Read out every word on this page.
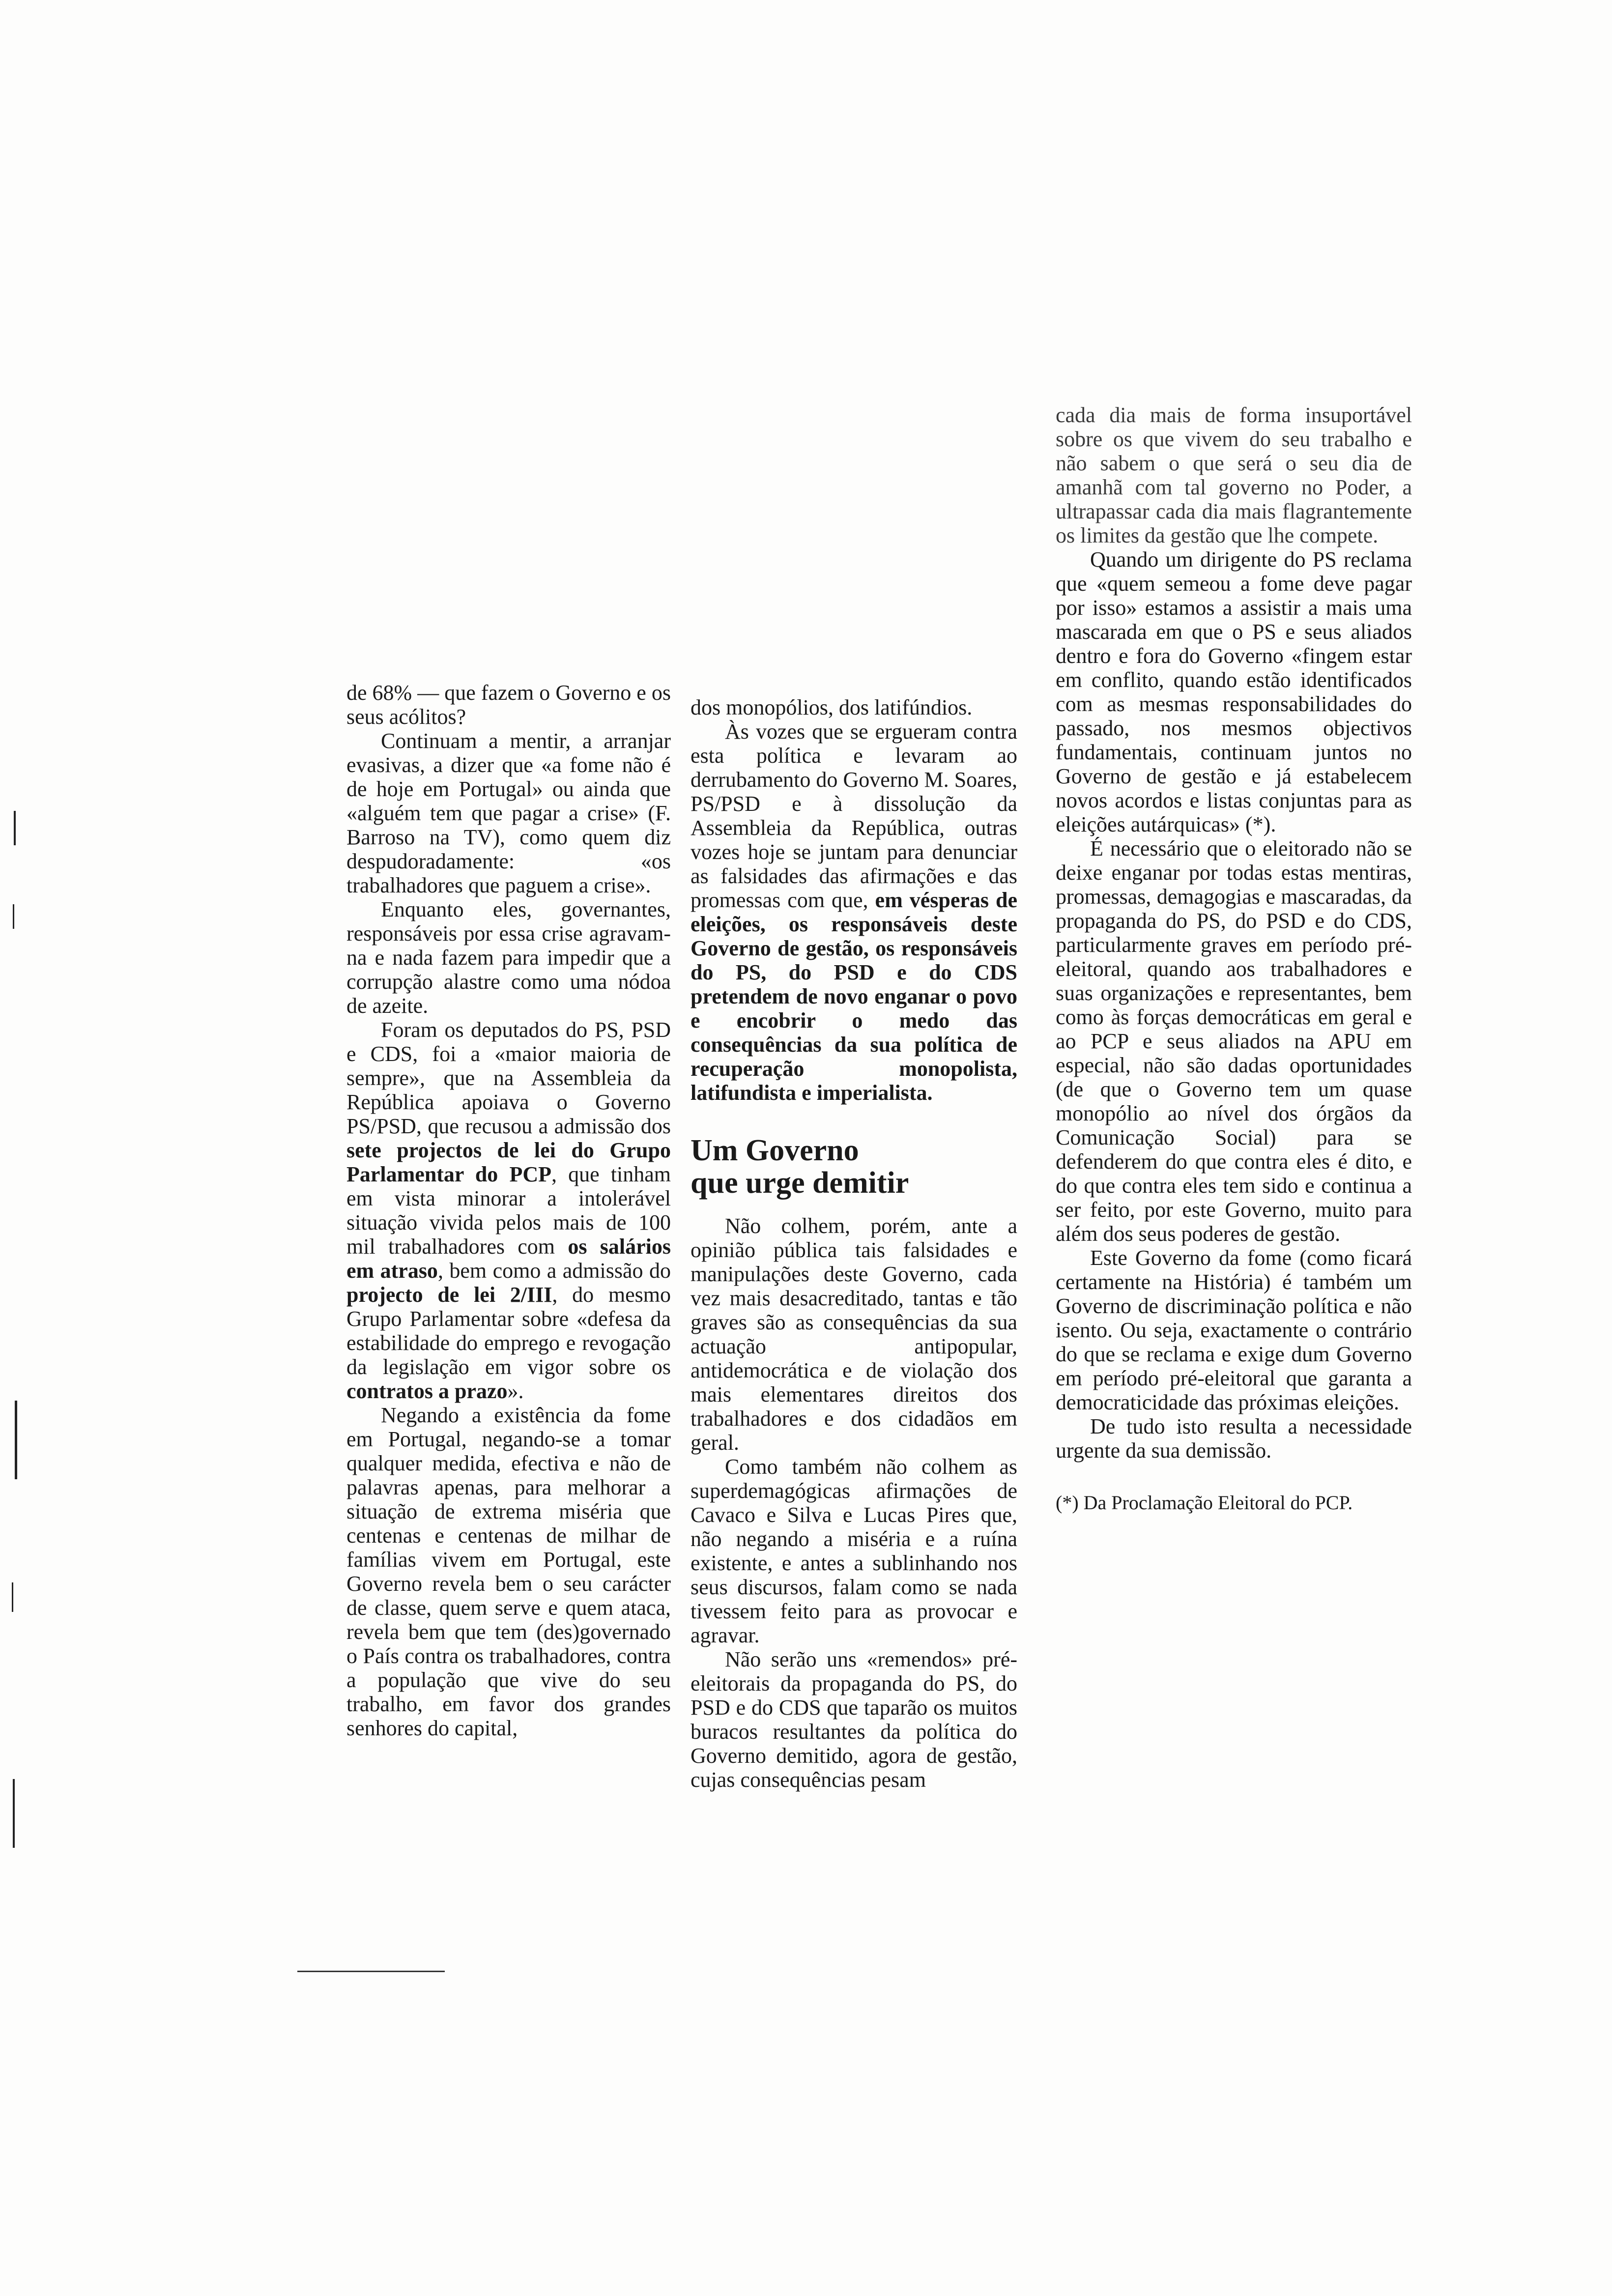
de 68% — que fazem o Governo e os seus acólitos?

Continuam a mentir, a arranjar evasivas, a dizer que «a fome não é de hoje em Portugal» ou ainda que «alguém tem que pagar a crise» (F. Barroso na TV), como quem diz despudoradamente: «os trabalhadores que paguem a crise».

Enquanto eles, governantes, responsáveis por essa crise agravam-na e nada fazem para impedir que a corrupção alastre como uma nódoa de azeite.

Foram os deputados do PS, PSD e CDS, foi a «maior maioria de sempre», que na Assembleia da República apoiava o Governo PS/PSD, que recusou a admissão dos sete projectos de lei do Grupo Parlamentar do PCP, que tinham em vista minorar a intolerável situação vivida pelos mais de 100 mil trabalhadores com os salários em atraso, bem como a admissão do projecto de lei 2/III, do mesmo Grupo Parlamentar sobre «defesa da estabilidade do emprego e revogação da legislação em vigor sobre os contratos a prazo».

Negando a existência da fome em Portugal, negando-se a tomar qualquer medida, efectiva e não de palavras apenas, para melhorar a situação de extrema miséria que centenas e centenas de milhar de famílias vivem em Portugal, este Governo revela bem o seu carácter de classe, quem serve e quem ataca, revela bem que tem (des)governado o País contra os trabalhadores, contra a população que vive do seu trabalho, em favor dos grandes senhores do capital,

dos monopólios, dos latifúndios.

Às vozes que se ergueram contra esta política e levaram ao derrubamento do Governo M. Soares, PS/PSD e à dissolução da Assembleia da República, outras vozes hoje se juntam para denunciar as falsidades das afirmações e das promessas com que, em vésperas de eleições, os responsáveis deste Governo de gestão, os responsáveis do PS, do PSD e do CDS pretendem de novo enganar o povo e encobrir o medo das consequências da sua política de recuperação monopolista, latifundista e imperialista.

Um Governo
que urge demitir

Não colhem, porém, ante a opinião pública tais falsidades e manipulações deste Governo, cada vez mais desacreditado, tantas e tão graves são as consequências da sua actuação antipopular, antidemocrática e de violação dos mais elementares direitos dos trabalhadores e dos cidadãos em geral.

Como também não colhem as superdemagógicas afirmações de Cavaco e Silva e Lucas Pires que, não negando a miséria e a ruína existente, e antes a sublinhando nos seus discursos, falam como se nada tivessem feito para as provocar e agravar.

Não serão uns «remendos» pré-eleitorais da propaganda do PS, do PSD e do CDS que taparão os muitos buracos resultantes da política do Governo demitido, agora de gestão, cujas consequências pesam

cada dia mais de forma insuportável sobre os que vivem do seu trabalho e não sabem o que será o seu dia de amanhã com tal governo no Poder, a ultrapassar cada dia mais flagrantemente os limites da gestão que lhe compete.

Quando um dirigente do PS reclama que «quem semeou a fome deve pagar por isso» estamos a assistir a mais uma mascarada em que o PS e seus aliados dentro e fora do Governo «fingem estar em conflito, quando estão identificados com as mesmas responsabilidades do passado, nos mesmos objectivos fundamentais, continuam juntos no Governo de gestão e já estabelecem novos acordos e listas conjuntas para as eleições autárquicas» (*).

É necessário que o eleitorado não se deixe enganar por todas estas mentiras, promessas, demagogias e mascaradas, da propaganda do PS, do PSD e do CDS, particularmente graves em período pré-eleitoral, quando aos trabalhadores e suas organizações e representantes, bem como às forças democráticas em geral e ao PCP e seus aliados na APU em especial, não são dadas oportunidades (de que o Governo tem um quase monopólio ao nível dos órgãos da Comunicação Social) para se defenderem do que contra eles é dito, e do que contra eles tem sido e continua a ser feito, por este Governo, muito para além dos seus poderes de gestão.

Este Governo da fome (como ficará certamente na História) é também um Governo de discriminação política e não isento. Ou seja, exactamente o contrário do que se reclama e exige dum Governo em período pré-eleitoral que garanta a democraticidade das próximas eleições.

De tudo isto resulta a necessidade urgente da sua demissão.

(*) Da Proclamação Eleitoral do PCP.
